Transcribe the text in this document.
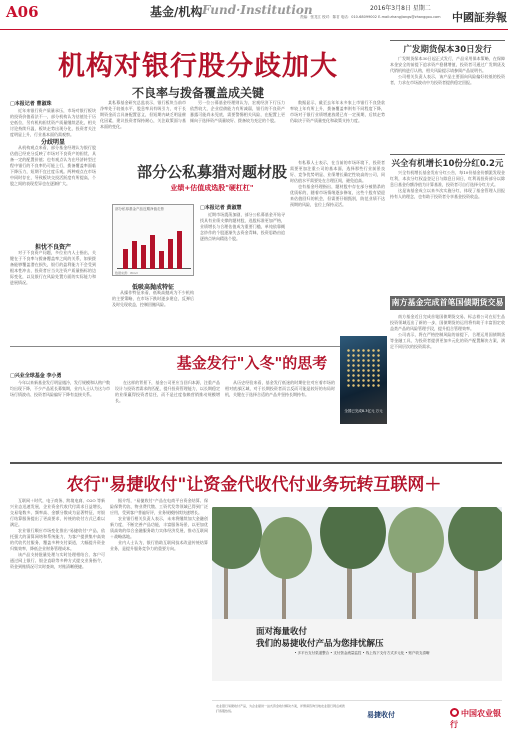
A06	基金/机构 Fund·Institution	2016年3月8日 星期二
责编：张龙江 校对：陈茗 电话：010-68099002 E-mail:zhangjiangs@zhanggou.com	中國証券報
机构对银行股分歧加大
不良率与拨备覆盖成关键
□本报记者 曹淑珠

近年来银行资产质量承压，市场对银行板块的投资价值看法不一，部分机构认为估值处于历史低位，另有机构担忧资产质量继续恶化，相关讨论持续升温，板块走势出现分化，投资者关注度明显上升，行业基本面仍需观察。

分歧明显

从机构观点来看，部分基金经理认为银行股估值已经充分反映了市场对不良资产的担忧，具备一定的配置价值；也有观点认为在经济转型过程中银行的不良率仍可能上行，拨备覆盖率面临下降压力，短期不宜过度乐观。两种观点在市场中同时存在，导致板块交投活跃度有所提高，个股之间的表现差异也在逐渐扩大。

担忧不良资产

对于不良资产问题，多位业内人士指出，关键在于不良率与拨备覆盖率之间的关系，如果拨备能够覆盖潜在损失，银行的盈利能力不会受到根本性冲击，投资者应当关注资产质量指标的边际变化，以及银行在风险处置方面的实际能力和进展情况。

某私募基金研究总监表示，银行板块当前市净率处于较低水平，股息率具有吸引力，对于长期资金而言具备配置意义，但短期内缺乏明显催化因素，建议投资者保持耐心，关注政策面与基本面的变化。

另一位公募基金经理则认为，宏观经济下行压力依然较大，企业偿债能力有所减弱，银行的不良资产暴露可能尚未见底，需要警惕相关风险，在配置上更倾向于选择资产质量较好、拨备较为充足的个股。

数据显示，截至去年年末多家上市银行不良贷款率较上年有所上升，拨备覆盖率则有不同程度下降，市场对于银行业绩增速放缓已有一定预期，后续走势仍取决于资产质量变化和政策支持力度。

部分公私募猎对题材股
业绩+估值成选股"硬杠杠"
部分私募基金产品近期净值走势
数据来源：Wind
□本报记者 黄淑慧

近期市场震荡加剧，部分公私募基金开始寻找具有业绩支撑的题材股，选股标准更加严格，业绩增长与合理估值成为重要门槛，单纯依靠概念炒作的个股逐渐失去资金青睐，投资思路由追逐热点转向精选个股。

低吸高抛成特征

从操作特征来看，低吸高抛成为不少机构的主要策略，在市场下跌时逐步建仓，反弹后及时兑现收益，控制回撤风险。

有私募人士表示，在当前的市场环境下，投资者需要更加注重公司的基本面，选择那些行业前景良好、竞争优势明显、业绩增长确定性较高的公司，同时估值水平需要处在合理区间，避免追高。

也有基金经理指出，题材股中存在部分被错杀的优质标的，随着市场情绪逐步修复，这些个股有望迎来估值回归的机会，但需要仔细甄别，防范业绩不达预期的风险，仓位上保持灵活。

基金发行"入冬"的思考
□兴业全球基金 李小勇

今年以来新基金发行明显遇冷，发行规模和认购户数均出现下降，不少产品延长募集期，业内人士认为这与市场行情波动、投资者风险偏好下降有直接关系。

在这样的背景下，基金公司更应当回归本源，注重产品设计与投资者需求的匹配，提升投资管理能力，以长期稳定的业绩赢得投资者信任，而不是过度依赖营销推动规模增长。

从历史经验来看，基金发行低迷的时期往往对应着市场的相对底部区域，对于长期投资者而言反而可能是较好的布局时机，关键在于选择合适的产品并坚持长期持有。

全国已完成8.3亿元 万元
广发期货保本30日发行

广发期货保本30日起正式发行，产品采用保本策略，在保障本金安全的前提下追求资产稳健增值，投资者可通过广发期货及代销机构进行认购，相关风险提示请参阅产品说明书。

公司相关负责人表示，该产品主要面向风险偏好较低的投资者，力求在市场波动中为投资者提供稳定回报。

兴全有机增长10份分红0.2元

兴全有机增长基金发布分红公告，每10份基金份额派发现金红利，本次分红权益登记日与除息日同日，红利再投资部分以除息日基金份额净值为计算基准，投资者可自行选择分红方式。

这是该基金成立以来多次实施分红，体现了基金管理人回报持有人的理念，也有助于投资者分享基金投资收益。

南方基金完成首笔国债期货交易

南方基金近日完成首笔国债期货交易，标志着公司在衍生品投资领域迈出了新的一步，国债期货的运用将有助于丰富固定收益类产品的风险管理手段，提升组合管理效率。

公司表示，将在严格控制风险的前提下，合理运用国债期货等金融工具，为投资者提供更加多元化的资产配置解决方案，满足不同层次的投资需求。

农行"易捷收付"让资金代收代付业务玩转互联网＋

互联网＋时代，电子商务、跨境电商、O2O 等新兴业态迅速发展，企业资金代收代付需求日益增长，交易笔数多、频率高、金额分散成为显著特征，对银行结算服务提出了更高要求，传统的收付方式已难以满足。

农业银行顺应市场变化推出"易捷收付"产品，依托强大的清算网络和系统能力，为客户提供集中高效的代收代付服务，覆盖多种支付渠道，大幅提升资金归集效率，降低企业财务管理成本。

该产品支持批量处理与实时处理相结合，客户可通过网上银行、银企直联等多种方式提交业务指令，资金到账情况可实时查询，对账清晰便捷。

据介绍，"易捷收付"产品在电商平台资金结算、保险保费代收、物业费代缴、工资代发等领域已得到广泛应用，受到客户普遍好评，业务规模持续快速增长。

农业银行相关负责人表示，未来将继续加大金融创新力度，不断完善产品功能，丰富服务场景，以更加优质高效的综合金融服务助力实体经济发展，推动互联网＋战略落地。

业内人士认为，银行借助互联网技术改造传统结算业务，是提升服务竞争力的重要方向。

面对海量收付
我们的易捷收付产品为您排忧解压
• 多平台支付渠道整合 • 支付资金流量监控 • 线上线下支付方式多元化 • 账户收支清晰
农业银行易捷收付产品，为企业提供一站式资金收付解决方案，详情请咨询当地农业银行网点或拨打客服热线。	易捷收付	中国农业银行
